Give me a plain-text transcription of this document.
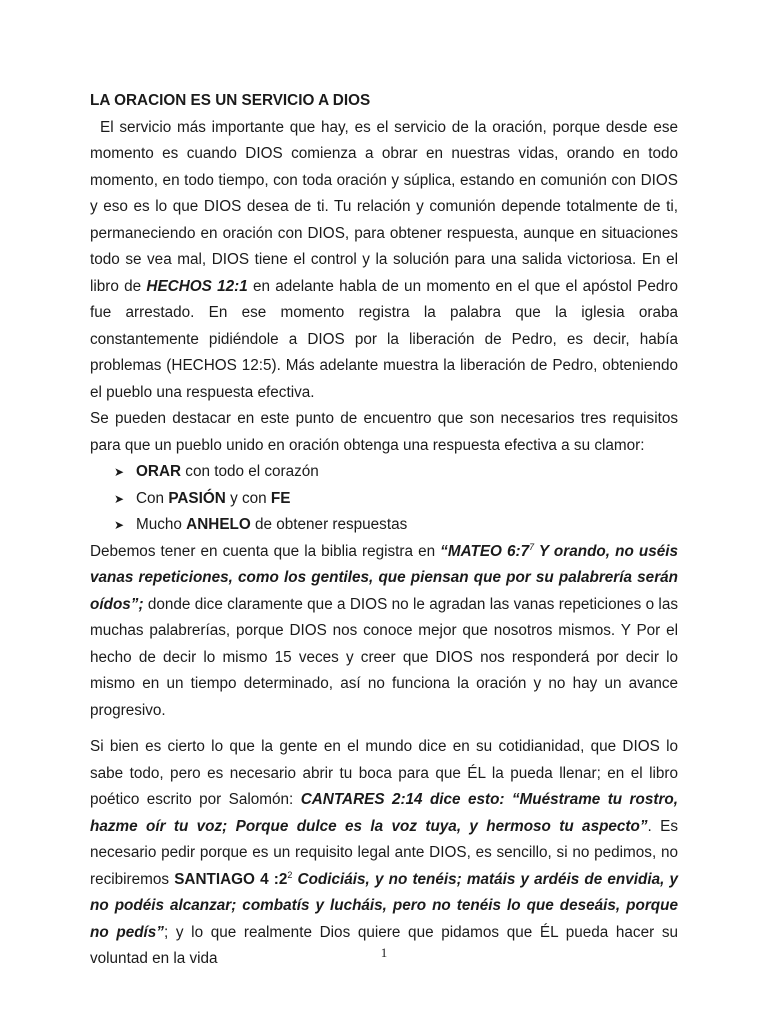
LA ORACION ES UN SERVICIO A DIOS

El servicio más importante que hay, es el servicio de la oración, porque desde ese momento es cuando DIOS comienza a obrar en nuestras vidas, orando en todo momento, en todo tiempo, con toda oración y súplica, estando en comunión con DIOS y eso es lo que DIOS desea de ti. Tu relación y comunión depende totalmente de ti, permaneciendo en oración con DIOS, para obtener respuesta, aunque en situaciones todo se vea mal, DIOS tiene el control y la solución para una salida victoriosa. En el libro de HECHOS 12:1 en adelante habla de un momento en el que el apóstol Pedro fue arrestado. En ese momento registra la palabra que la iglesia oraba constantemente pidiéndole a DIOS por la liberación de Pedro, es decir, había problemas (HECHOS 12:5). Más adelante muestra la liberación de Pedro, obteniendo el pueblo una respuesta efectiva.

Se pueden destacar en este punto de encuentro que son necesarios tres requisitos para que un pueblo unido en oración obtenga una respuesta efectiva a su clamor:

➤ ORAR con todo el corazón
➤ Con PASIÓN y con FE
➤ Mucho ANHELO de obtener respuestas

Debemos tener en cuenta que la biblia registra en “MATEO $6:7^7$ Y orando, no uséis vanas repeticiones, como los gentiles, que piensan que por su palabrería serán oídos”; donde dice claramente que a DIOS no le agradan las vanas repeticiones o las muchas palabrerías, porque DIOS nos conoce mejor que nosotros mismos. Y Por el hecho de decir lo mismo 15 veces y creer que DIOS nos responderá por decir lo mismo en un tiempo determinado, así no funciona la oración y no hay un avance progresivo.

Si bien es cierto lo que la gente en el mundo dice en su cotidianidad, que DIOS lo sabe todo, pero es necesario abrir tu boca para que ÉL la pueda llenar; en el libro poético escrito por Salomón: CANTARES 2:14 dice esto: “Muéstrame tu rostro, hazme oír tu voz; Porque dulce es la voz tuya, y hermoso tu aspecto”. Es necesario pedir porque es un requisito legal ante DIOS, es sencillo, si no pedimos, no recibiremos SANTIAGO 4 $:2^2$ Codiciáis, y no tenéis; matáis y ardéis de envidia, y no podéis alcanzar; combatís y lucháis, pero no tenéis lo que deseáis, porque no pedís”; y lo que realmente Dios quiere que pidamos que ÉL pueda hacer su voluntad en la vida	1
